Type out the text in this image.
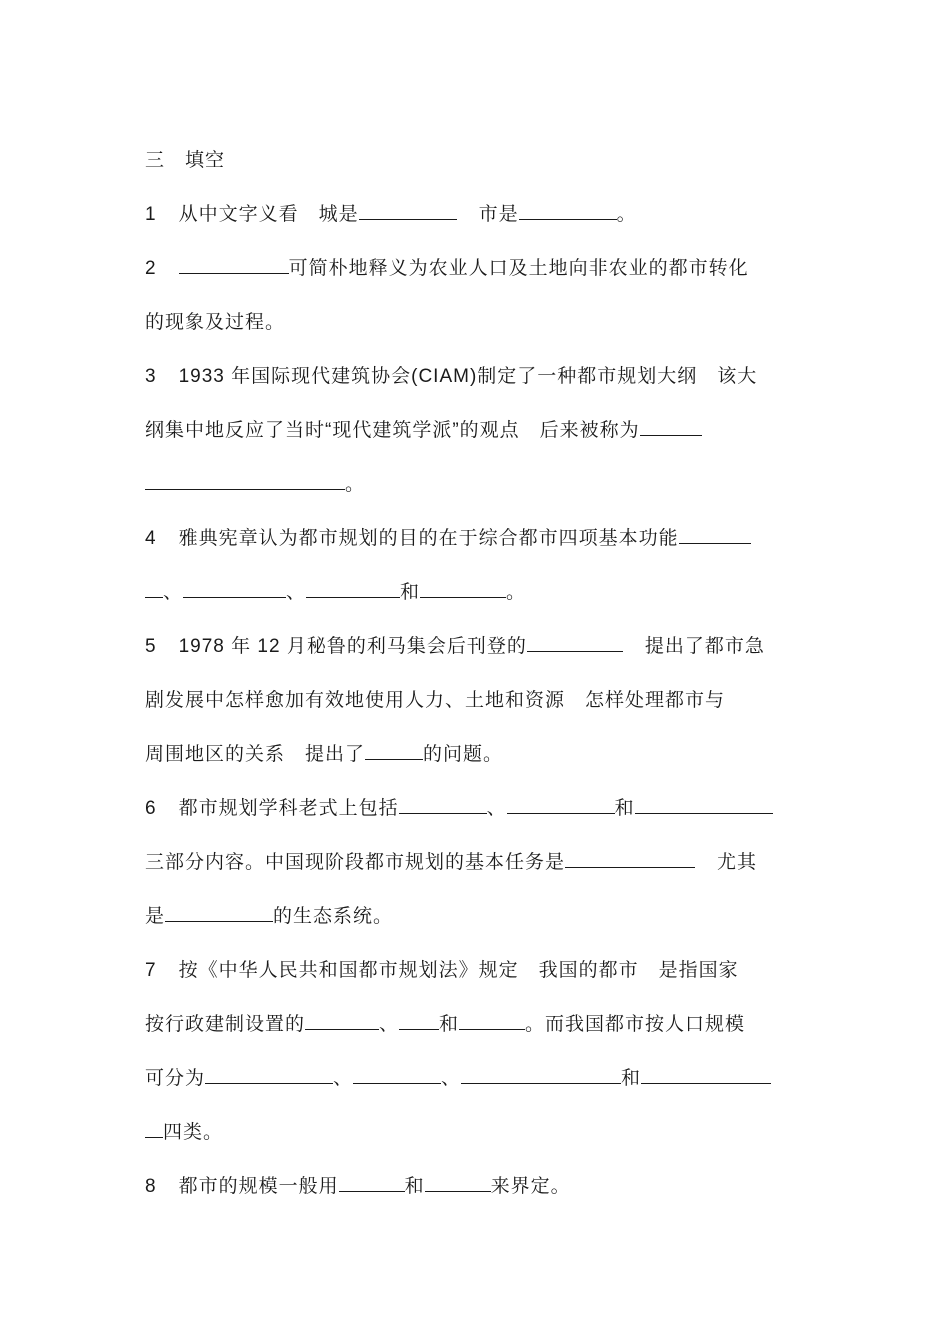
三 填空
1 从中文字义看 城是	市是	。
2	可简朴地释义为农业人口及土地向非农业的都市转化
的现象及过程。
3 1933 年国际现代建筑协会(CIAM)制定了一种都市规划大纲 该大
纲集中地反应了当时“现代建筑学派”的观点 后来被称为
。
4 雅典宪章认为都市规划的目的在于综合都市四项基本功能
、	、	和	。
5 1978 年 12 月秘鲁的利马集会后刊登的	提出了都市急
剧发展中怎样愈加有效地使用人力、土地和资源 怎样处理都市与
周围地区的关系 提出了	的问题。
6 都市规划学科老式上包括	、	和
三部分内容。中国现阶段都市规划的基本任务是	尤其
是	的生态系统。
7 按《中华人民共和国都市规划法》规定 我国的都市 是指国家
按行政建制设置的	、 和	。而我国都市按人口规模
可分为	、	、	和
四类。
8 都市的规模一般用	和	来界定。
